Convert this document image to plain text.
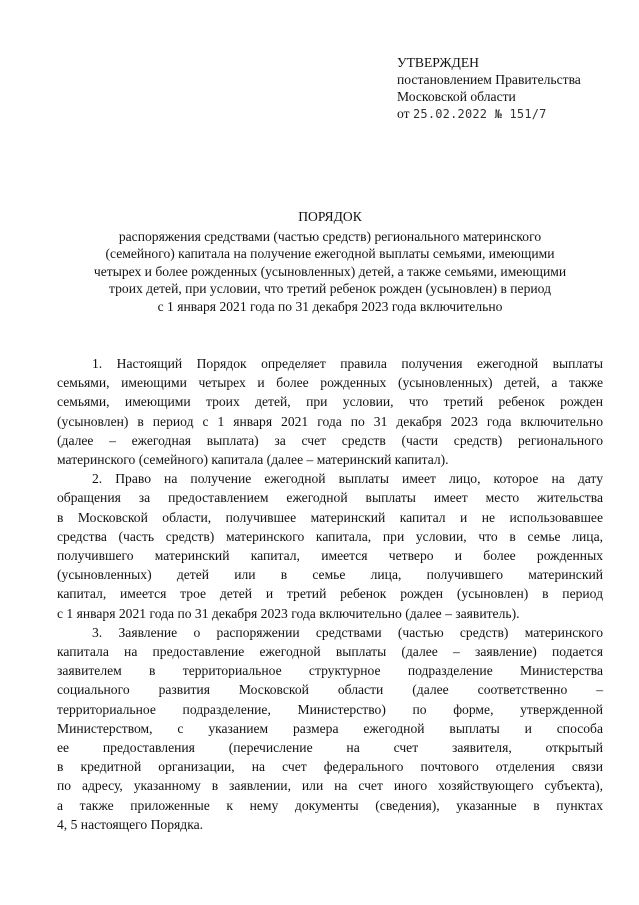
УТВЕРЖДЕН
постановлением Правительства
Московской области
от 25.02.2022 № 151/7
ПОРЯДОК
распоряжения средствами (частью средств) регионального материнского
(семейного) капитала на получение ежегодной выплаты семьями, имеющими
четырех и более рожденных (усыновленных) детей, а также семьями, имеющими
троих детей, при условии, что третий ребенок рожден (усыновлен) в период
с 1 января 2021 года по 31 декабря 2023 года включительно
1. Настоящий Порядок определяет правила получения ежегодной выплаты
семьями, имеющими четырех и более рожденных (усыновленных) детей, а также
семьями, имеющими троих детей, при условии, что третий ребенок рожден
(усыновлен) в период с 1 января 2021 года по 31 декабря 2023 года включительно
(далее – ежегодная выплата) за счет средств (части средств) регионального
материнского (семейного) капитала (далее – материнский капитал).
2. Право на получение ежегодной выплаты имеет лицо, которое на дату
обращения за предоставлением ежегодной выплаты имеет место жительства
в Московской области, получившее материнский капитал и не использовавшее
средства (часть средств) материнского капитала, при условии, что в семье лица,
получившего материнский капитал, имеется четверо и более рожденных
(усыновленных) детей или в семье лица, получившего материнский
капитал, имеется трое детей и третий ребенок рожден (усыновлен) в период
с 1 января 2021 года по 31 декабря 2023 года включительно (далее – заявитель).
3. Заявление о распоряжении средствами (частью средств) материнского
капитала на предоставление ежегодной выплаты (далее – заявление) подается
заявителем в территориальное структурное подразделение Министерства
социального развития Московской области (далее соответственно –
территориальное подразделение, Министерство) по форме, утвержденной
Министерством, с указанием размера ежегодной выплаты и способа
ее предоставления (перечисление на счет заявителя, открытый
в кредитной организации, на счет федерального почтового отделения связи
по адресу, указанному в заявлении, или на счет иного хозяйствующего субъекта),
а также приложенные к нему документы (сведения), указанные в пунктах
4, 5 настоящего Порядка.
